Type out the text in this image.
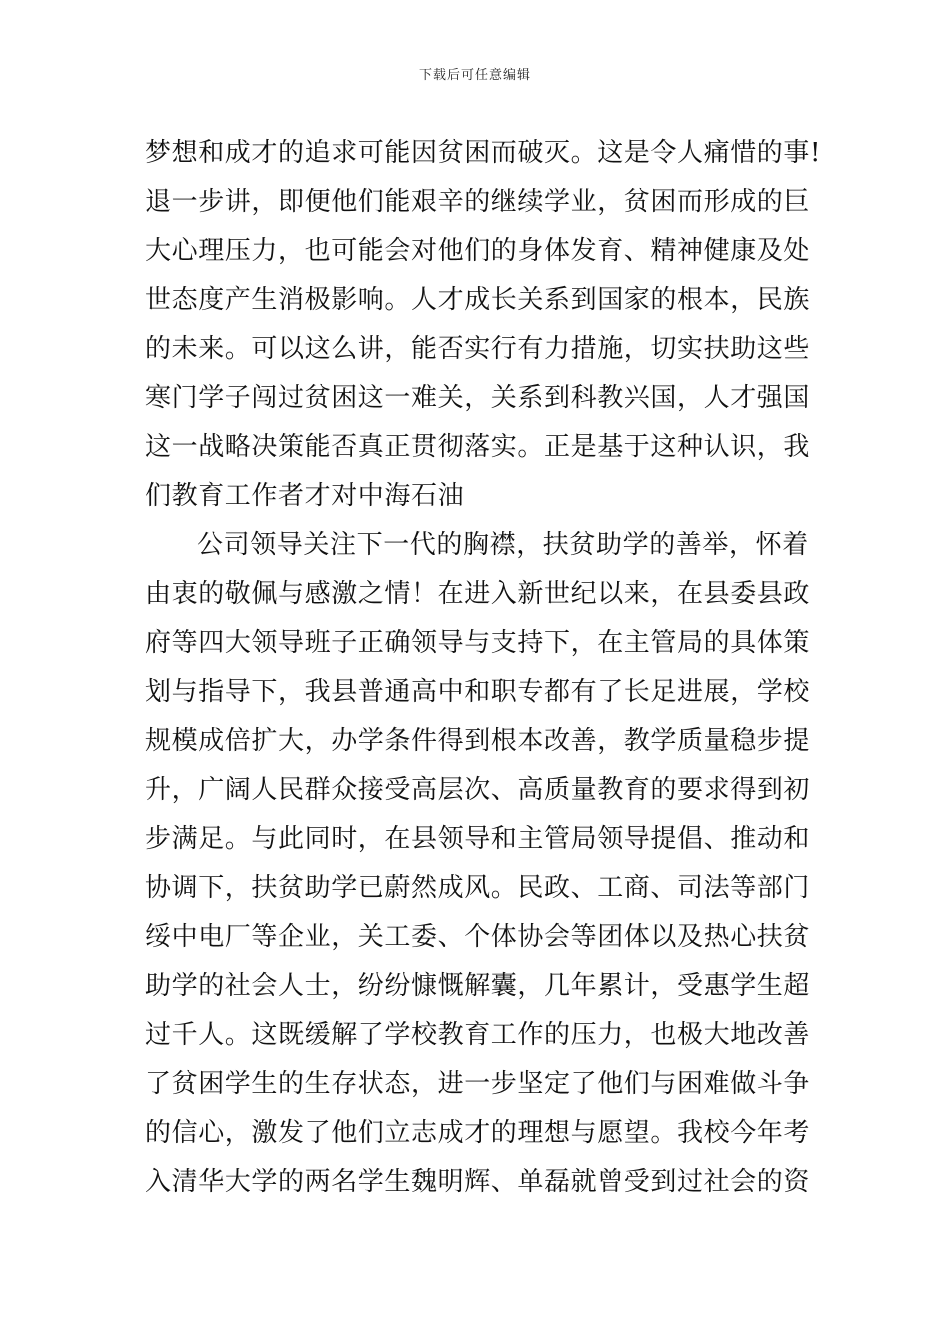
下载后可任意编辑
梦想和成才的追求可能因贫困而破灭。这是令人痛惜的事!
退一步讲，即便他们能艰辛的继续学业，贫困而形成的巨
大心理压力，也可能会对他们的身体发育、精神健康及处
世态度产生消极影响。人才成长关系到国家的根本，民族
的未来。可以这么讲，能否实行有力措施，切实扶助这些
寒门学子闯过贫困这一难关，关系到科教兴国，人才强国
这一战略决策能否真正贯彻落实。正是基于这种认识，我
们教育工作者才对中海石油
公司领导关注下一代的胸襟，扶贫助学的善举，怀着
由衷的敬佩与感激之情！在进入新世纪以来，在县委县政
府等四大领导班子正确领导与支持下，在主管局的具体策
划与指导下，我县普通高中和职专都有了长足进展，学校
规模成倍扩大，办学条件得到根本改善，教学质量稳步提
升，广阔人民群众接受高层次、高质量教育的要求得到初
步满足。与此同时，在县领导和主管局领导提倡、推动和
协调下，扶贫助学已蔚然成风。民政、工商、司法等部门
绥中电厂等企业，关工委、个体协会等团体以及热心扶贫
助学的社会人士，纷纷慷慨解囊，几年累计，受惠学生超
过千人。这既缓解了学校教育工作的压力，也极大地改善
了贫困学生的生存状态，进一步坚定了他们与困难做斗争
的信心，激发了他们立志成才的理想与愿望。我校今年考
入清华大学的两名学生魏明辉、单磊就曾受到过社会的资
